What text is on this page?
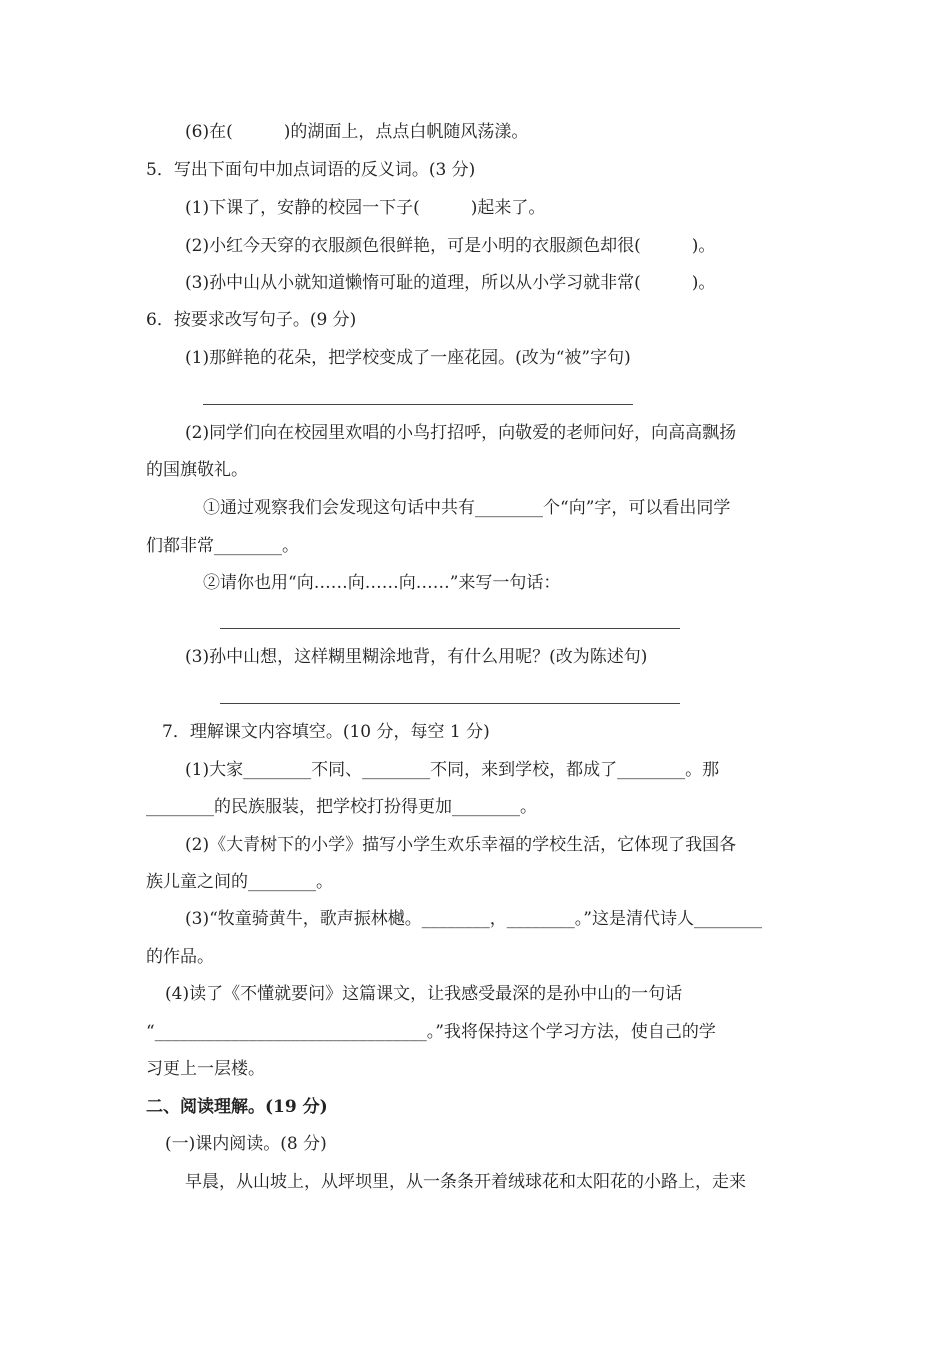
(6)在(　　　)的湖面上，点点白帆随风荡漾。
5．写出下面句中加点词语的反义词。(3 分)
(1)下课了，安静的校园一下子(　　　)起来了。
(2)小红今天穿的衣服颜色很鲜艳，可是小明的衣服颜色却很(　　　)。
(3)孙中山从小就知道懒惰可耻的道理，所以从小学习就非常(　　　)。
6．按要求改写句子。(9 分)
(1)那鲜艳的花朵，把学校变成了一座花园。(改为“被”字句)
(2)同学们向在校园里欢唱的小鸟打招呼，向敬爱的老师问好，向高高飘扬
的国旗敬礼。
①通过观察我们会发现这句话中共有________个“向”字，可以看出同学
们都非常________。
②请你也用“向……向……向……”来写一句话：
(3)孙中山想，这样糊里糊涂地背，有什么用呢？(改为陈述句)
7．理解课文内容填空。(10 分，每空 1 分)
(1)大家________不同、________不同，来到学校，都成了________。那
________的民族服装，把学校打扮得更加________。
(2)《大青树下的小学》描写小学生欢乐幸福的学校生活，它体现了我国各
族儿童之间的________。
(3)“牧童骑黄牛，歌声振林樾。________，________。”这是清代诗人________
的作品。
(4)读了《不懂就要问》这篇课文，让我感受最深的是孙中山的一句话
“________________________________。”我将保持这个学习方法，使自己的学
习更上一层楼。
二、阅读理解。(19 分)
(一)课内阅读。(8 分)
早晨，从山坡上，从坪坝里，从一条条开着绒球花和太阳花的小路上，走来
